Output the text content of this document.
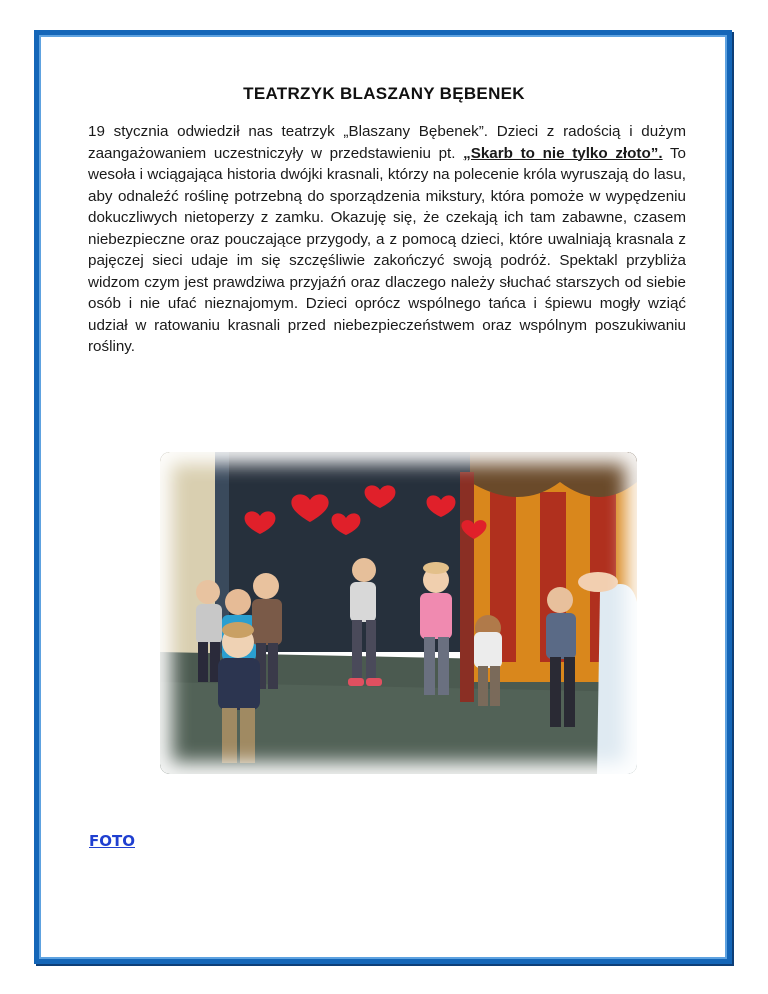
TEATRZYK BLASZANY BĘBENEK

19 stycznia odwiedził nas teatrzyk „Blaszany Bębenek”. Dzieci z radością i dużym zaangażowaniem uczestniczyły w przedstawieniu pt. „Skarb to nie tylko złoto”. To wesoła i wciągająca historia dwójki krasnali, którzy na polecenie króla wyruszają do lasu, aby odnaleźć roślinę potrzebną do sporządzenia mikstury, która pomoże w wypędzeniu dokuczliwych nietoperzy z zamku. Okazuję się, że czekają ich tam zabawne, czasem niebezpieczne oraz pouczające przygody, a z pomocą dzieci, które uwalniają krasnala z pajęczej sieci udaje im się szczęśliwie zakończyć swoją podróż. Spektakl przybliża widzom czym jest prawdziwa przyjaźń oraz dlaczego należy słuchać starszych od siebie osób i nie ufać nieznajomym. Dzieci oprócz wspólnego tańca i śpiewu mogły wziąć udział w ratowaniu krasnali przed niebezpieczeństwem oraz wspólnym poszukiwaniu rośliny.

FOTO
